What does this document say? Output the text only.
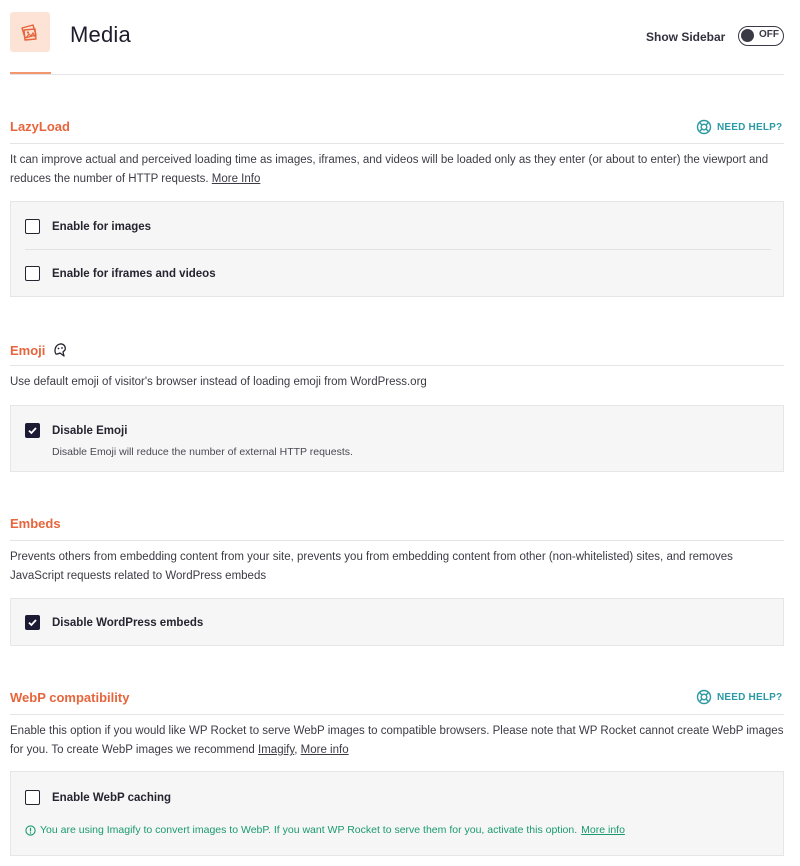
Media	Show Sidebar	OFF
LazyLoad	NEED HELP?
It can improve actual and perceived loading time as images, iframes, and videos will be loaded only as they enter (or about to enter) the viewport and reduces the number of HTTP requests. More Info
Enable for images
Enable for iframes and videos
Emoji
Use default emoji of visitor's browser instead of loading emoji from WordPress.org
Disable Emoji
Disable Emoji will reduce the number of external HTTP requests.
Embeds
Prevents others from embedding content from your site, prevents you from embedding content from other (non-whitelisted) sites, and removes JavaScript requests related to WordPress embeds
Disable WordPress embeds
WebP compatibility	NEED HELP?
Enable this option if you would like WP Rocket to serve WebP images to compatible browsers. Please note that WP Rocket cannot create WebP images for you. To create WebP images we recommend Imagify, More info
Enable WebP caching
You are using Imagify to convert images to WebP. If you want WP Rocket to serve them for you, activate this option. More info
